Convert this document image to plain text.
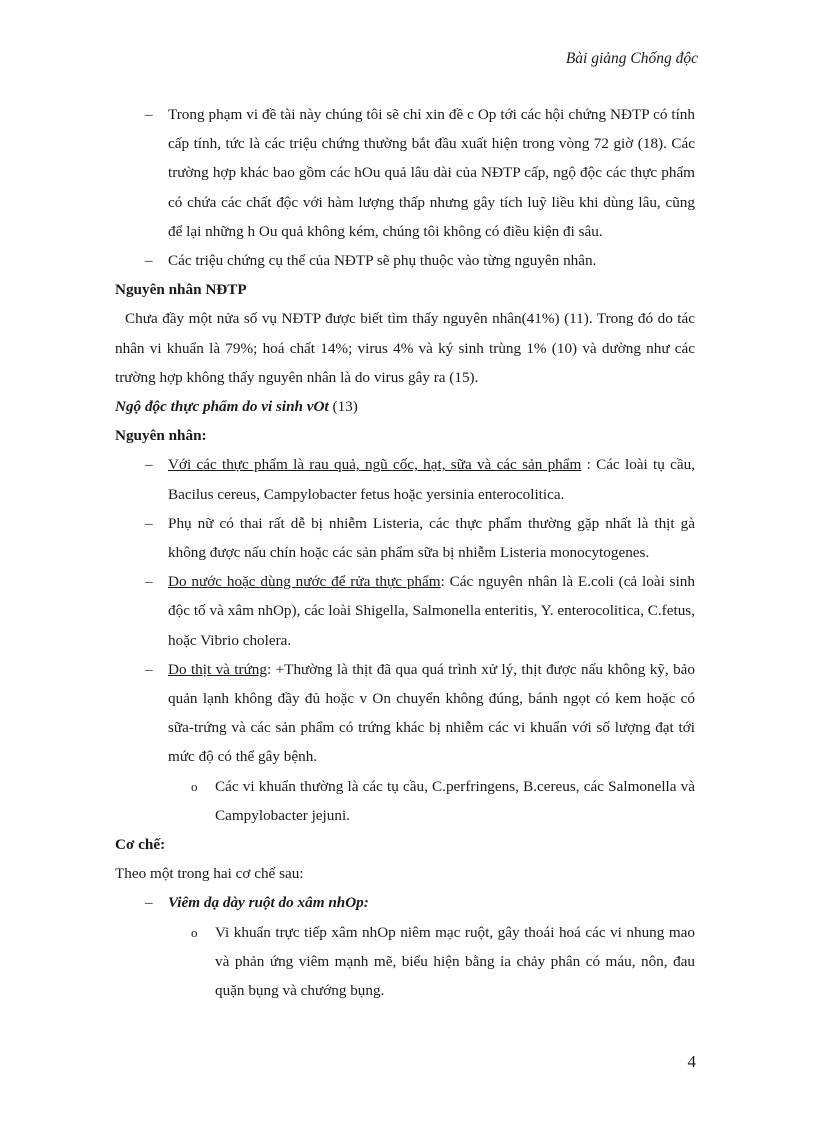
Bài giảng Chống độc
– Trong phạm vi đề tài này chúng tôi sẽ chỉ xin đề c Op tới các hội chứng NĐTP có tính cấp tính, tức là các triệu chứng thường bắt đầu xuất hiện trong vòng 72 giờ (18). Các trường hợp khác bao gồm các hOu quả lâu dài của NĐTP cấp, ngộ độc các thực phẩm có chứa các chất độc với hàm lượng thấp nhưng gây tích luỹ liều khi dùng lâu, cũng để lại những h Ou quả không kém, chúng tôi không có điều kiện đi sâu.
– Các triệu chứng cụ thể của NĐTP sẽ phụ thuộc vào từng nguyên nhân.
Nguyên nhân NĐTP
Chưa đầy một nửa số vụ NĐTP được biết tìm thấy nguyên nhân(41%) (11). Trong đó do tác nhân vi khuẩn là 79%; hoá chất 14%; virus 4% và ký sinh trùng 1% (10) và dường như các trường hợp không thấy nguyên nhân là do virus gây ra (15).
Ngộ độc thực phẩm do vi sinh vOt (13)
Nguyên nhân:
– Với các thực phẩm là rau quả, ngũ cốc, hạt, sữa và các sản phẩm : Các loài tụ cầu, Bacilus cereus, Campylobacter fetus hoặc yersinia enterocolitica.
– Phụ nữ có thai rất dễ bị nhiễm Listeria, các thực phẩm thường gặp nhất là thịt gà không được nấu chín hoặc các sản phẩm sữa bị nhiễm Listeria monocytogenes.
– Do nước hoặc dùng nước để rửa thực phẩm: Các nguyên nhân là E.coli (cả loài sinh độc tố và xâm nhOp), các loài Shigella, Salmonella enteritis, Y. enterocolitica, C.fetus, hoặc Vibrio cholera.
– Do thịt và trứng: +Thường là thịt đã qua quá trình xử lý, thịt được nấu không kỹ, bảo quản lạnh không đầy đủ hoặc v On chuyển không đúng, bánh ngọt có kem hoặc có sữa-trứng và các sản phẩm có trứng khác bị nhiễm các vi khuẩn với số lượng đạt tới mức độ có thể gây bệnh.
o Các vi khuẩn thường là các tụ cầu, C.perfringens, B.cereus, các Salmonella và Campylobacter jejuni.
Cơ chế:
Theo một trong hai cơ chế sau:
– Viêm dạ dày ruột do xâm nhOp:
o Vi khuẩn trực tiếp xâm nhOp niêm mạc ruột, gây thoái hoá các vi nhung mao và phản ứng viêm mạnh mẽ, biểu hiện bằng ỉa chảy phân có máu, nôn, đau quặn bụng và chướng bụng.
4
